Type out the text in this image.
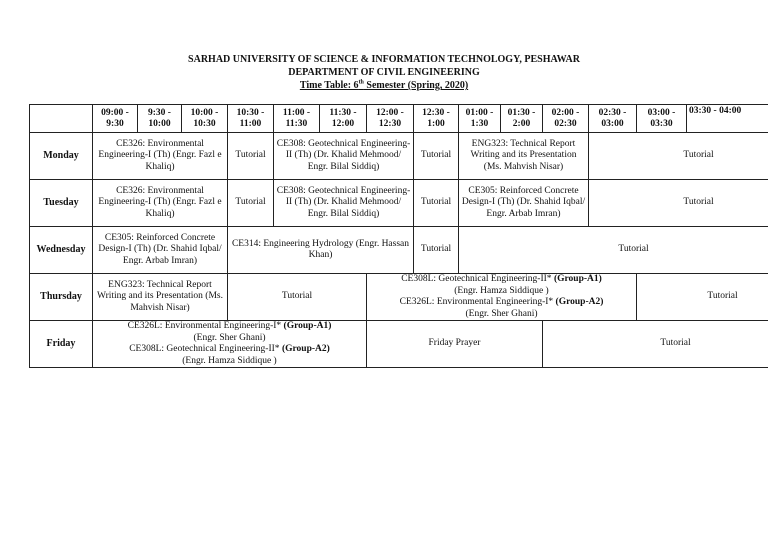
SARHAD UNIVERSITY OF SCIENCE & INFORMATION TECHNOLOGY, PESHAWAR
DEPARTMENT OF CIVIL ENGINEERING
Time Table: 6th Semester (Spring, 2020)
	09:00 - 9:30	9:30 - 10:00	10:00 - 10:30	10:30 - 11:00	11:00 - 11:30	11:30 - 12:00	12:00 - 12:30	12:30 - 1:00	01:00 - 1:30	01:30 - 2:00	02:00 - 02:30	02:30 - 03:00	03:00 - 03:30	03:30 - 04:00
Monday	CE326: Environmental Engineering-I (Th) (Engr. Fazl e Khaliq)			Tutorial	CE308: Geotechnical Engineering-II (Th) (Dr. Khalid Mehmood/ Engr. Bilal Siddiq)			Tutorial	ENG323: Technical Report Writing and its Presentation (Ms. Mahvish Nisar)			Tutorial		
Tuesday	CE326: Environmental Engineering-I (Th) (Engr. Fazl e Khaliq)			Tutorial	CE308: Geotechnical Engineering-II (Th) (Dr. Khalid Mehmood/ Engr. Bilal Siddiq)			Tutorial	CE305: Reinforced Concrete Design-I (Th) (Dr. Shahid Iqbal/ Engr. Arbab Imran)			Tutorial		
Wednesday	CE305: Reinforced Concrete Design-I (Th) (Dr. Shahid Iqbal/ Engr. Arbab Imran)			CE314: Engineering Hydrology (Engr. Hassan Khan)				Tutorial	Tutorial					
Thursday	ENG323: Technical Report Writing and its Presentation (Ms. Mahvish Nisar)			Tutorial			CE308L: Geotechnical Engineering-II* (Group-A1)
(Engr. Hamza Siddique )
CE326L: Environmental Engineering-I* (Group-A2)
(Engr. Sher Ghani)						Tutorial	
Friday	CE326L: Environmental Engineering-I* (Group-A1)
(Engr. Sher Ghani)
CE308L: Geotechnical Engineering-II* (Group-A2)
(Engr. Hamza Siddique )						Friday Prayer				Tutorial			
